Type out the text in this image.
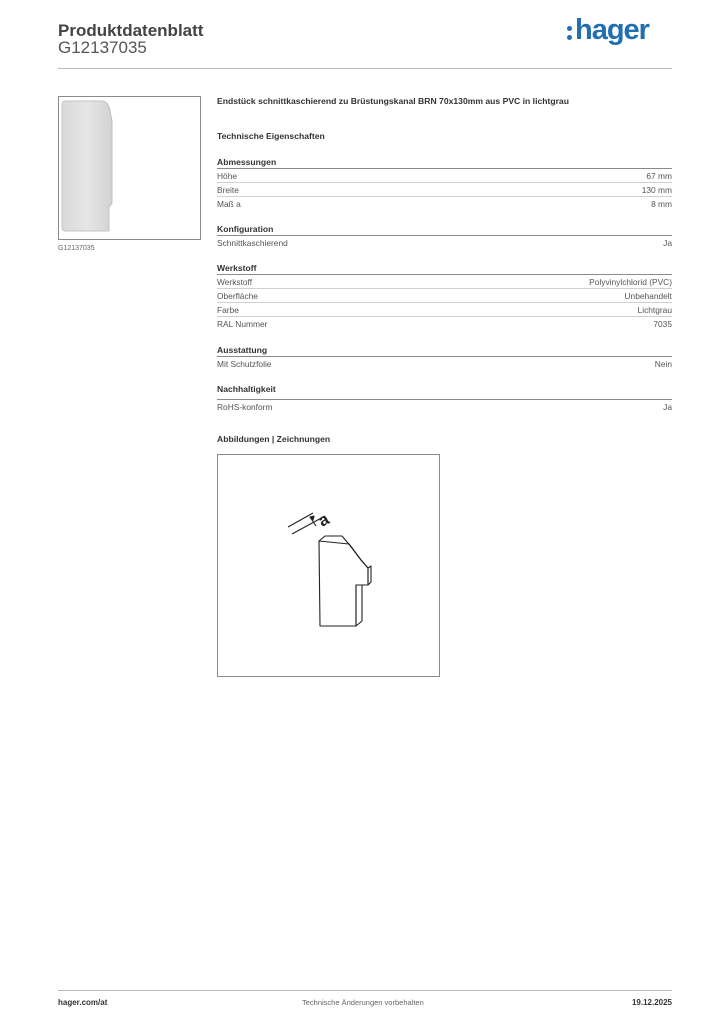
Produktdatenblatt
G12137035
hager
G12137035
Endstück schnittkaschierend zu Brüstungskanal BRN 70x130mm aus PVC in lichtgrau
Technische Eigenschaften
Abmessungen
Höhe	67 mm
Breite	130 mm
Maß a	8 mm
Konfiguration
Schnittkaschierend	Ja
Werkstoff
Werkstoff	Polyvinylchlorid (PVC)
Oberfläche	Unbehandelt
Farbe	Lichtgrau
RAL Nummer	7035
Ausstattung
Mit Schutzfolie	Nein
Nachhaltigkeit
RoHS-konform	Ja
Abbildungen | Zeichnungen
a
hager.com/at	Technische Änderungen vorbehalten	19.12.2025
